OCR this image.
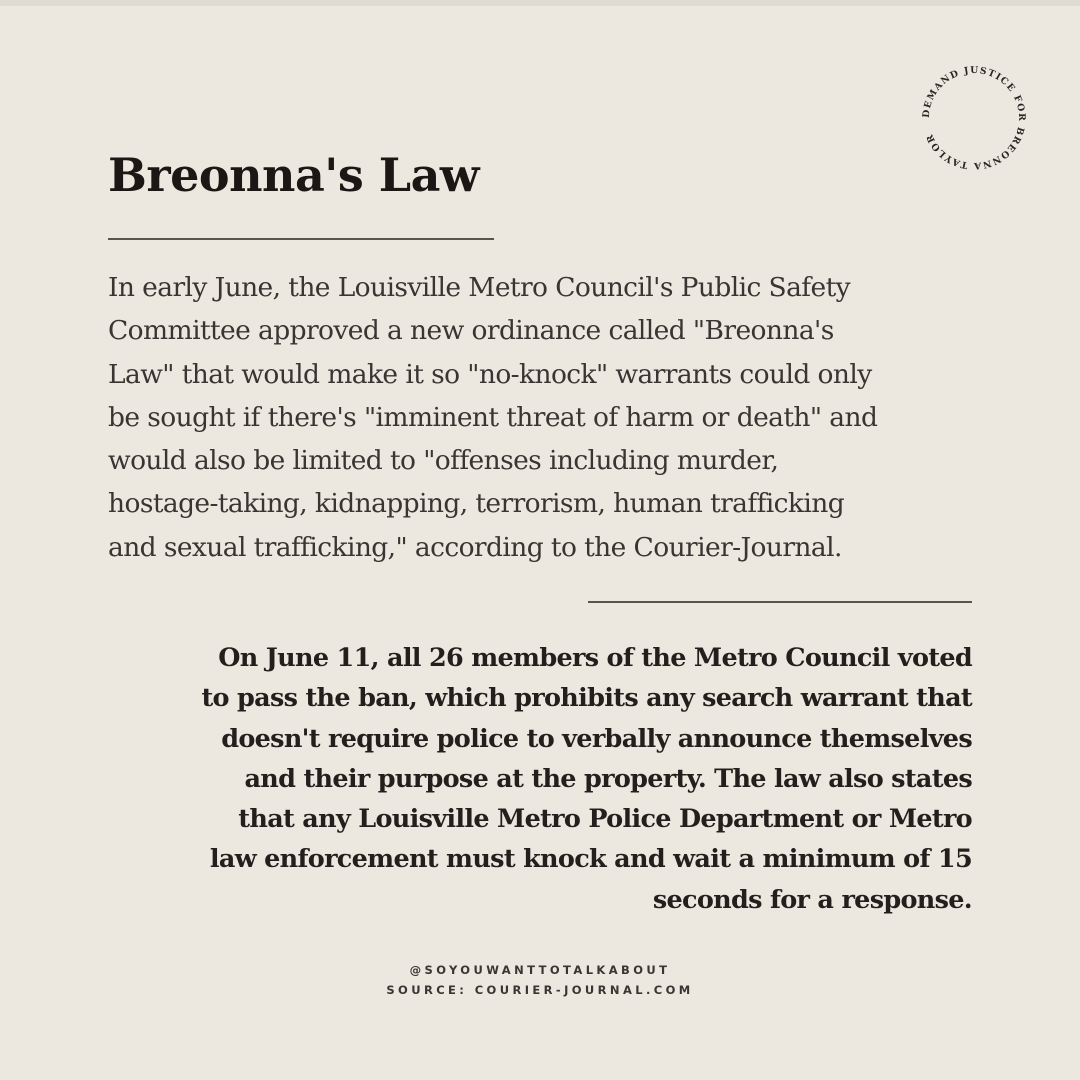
DEMAND JUSTICE FOR BREONNA TAYLOR
Breonna's Law

In early June, the Louisville Metro Council's Public Safety
Committee approved a new ordinance called "Breonna's
Law" that would make it so "no-knock" warrants could only
be sought if there's "imminent threat of harm or death" and
would also be limited to "offenses including murder,
hostage-taking, kidnapping, terrorism, human trafficking
and sexual trafficking," according to the Courier-Journal.

On June 11, all 26 members of the Metro Council voted
to pass the ban, which prohibits any search warrant that
doesn't require police to verbally announce themselves
and their purpose at the property. The law also states
that any Louisville Metro Police Department or Metro
law enforcement must knock and wait a minimum of 15
seconds for a response.

@SOYOUWANTTOTALKABOUT
SOURCE: COURIER-JOURNAL.COM
